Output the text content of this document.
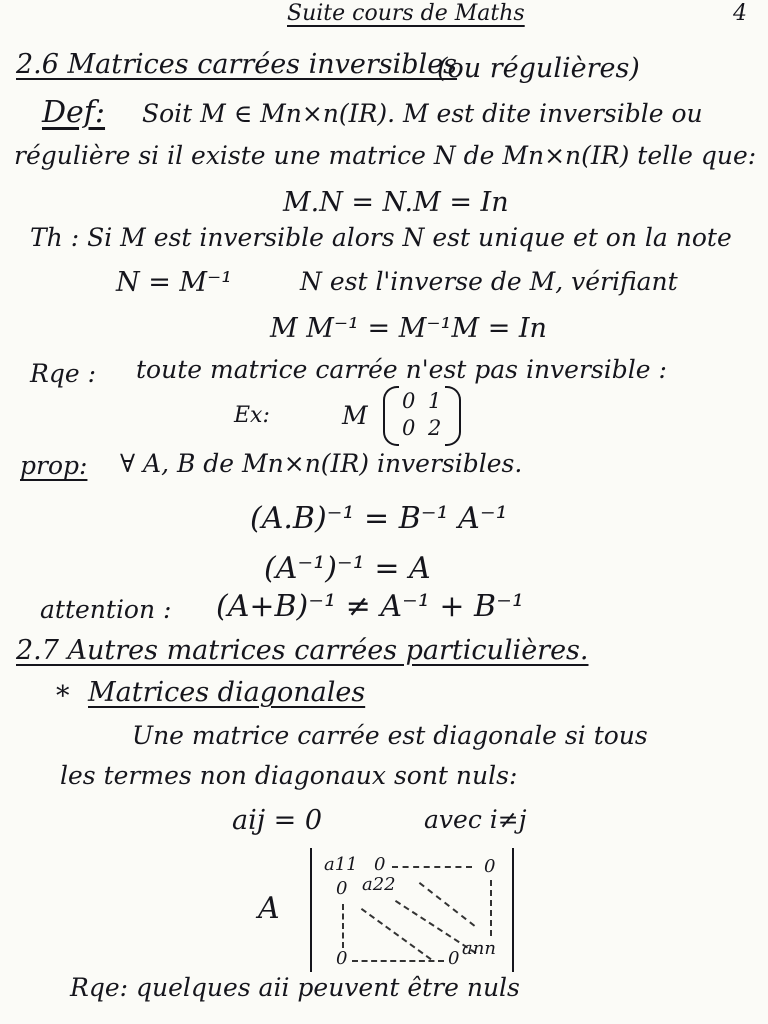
Suite cours de Maths	4
2.6 Matrices carrées inversibles
(ou régulières)
Def: Soit M ∈ Mn×n(IR). M est dite inversible ou
régulière si il existe une matrice N de Mn×n(IR) telle que:
M.N = N.M = In
Th : Si M est inversible alors N est unique et on la note
N = M⁻¹	N est l'inverse de M, vérifiant
M M⁻¹ = M⁻¹M = In
Rqe : toute matrice carrée n'est pas inversible :
Ex:	M 0 1
0 2
prop: ∀ A, B de Mn×n(IR) inversibles.
(A.B)⁻¹ = B⁻¹ A⁻¹
(A⁻¹)⁻¹ = A
attention : (A+B)⁻¹ ≠ A⁻¹ + B⁻¹
2.7 Autres matrices carrées particulières.
* Matrices diagonales
Une matrice carrée est diagonale si tous
les termes non diagonaux sont nuls:
aij = 0	avec i≠j
A
a11 0	0
0 a22
0	0 ann
Rqe: quelques aii peuvent être nuls
